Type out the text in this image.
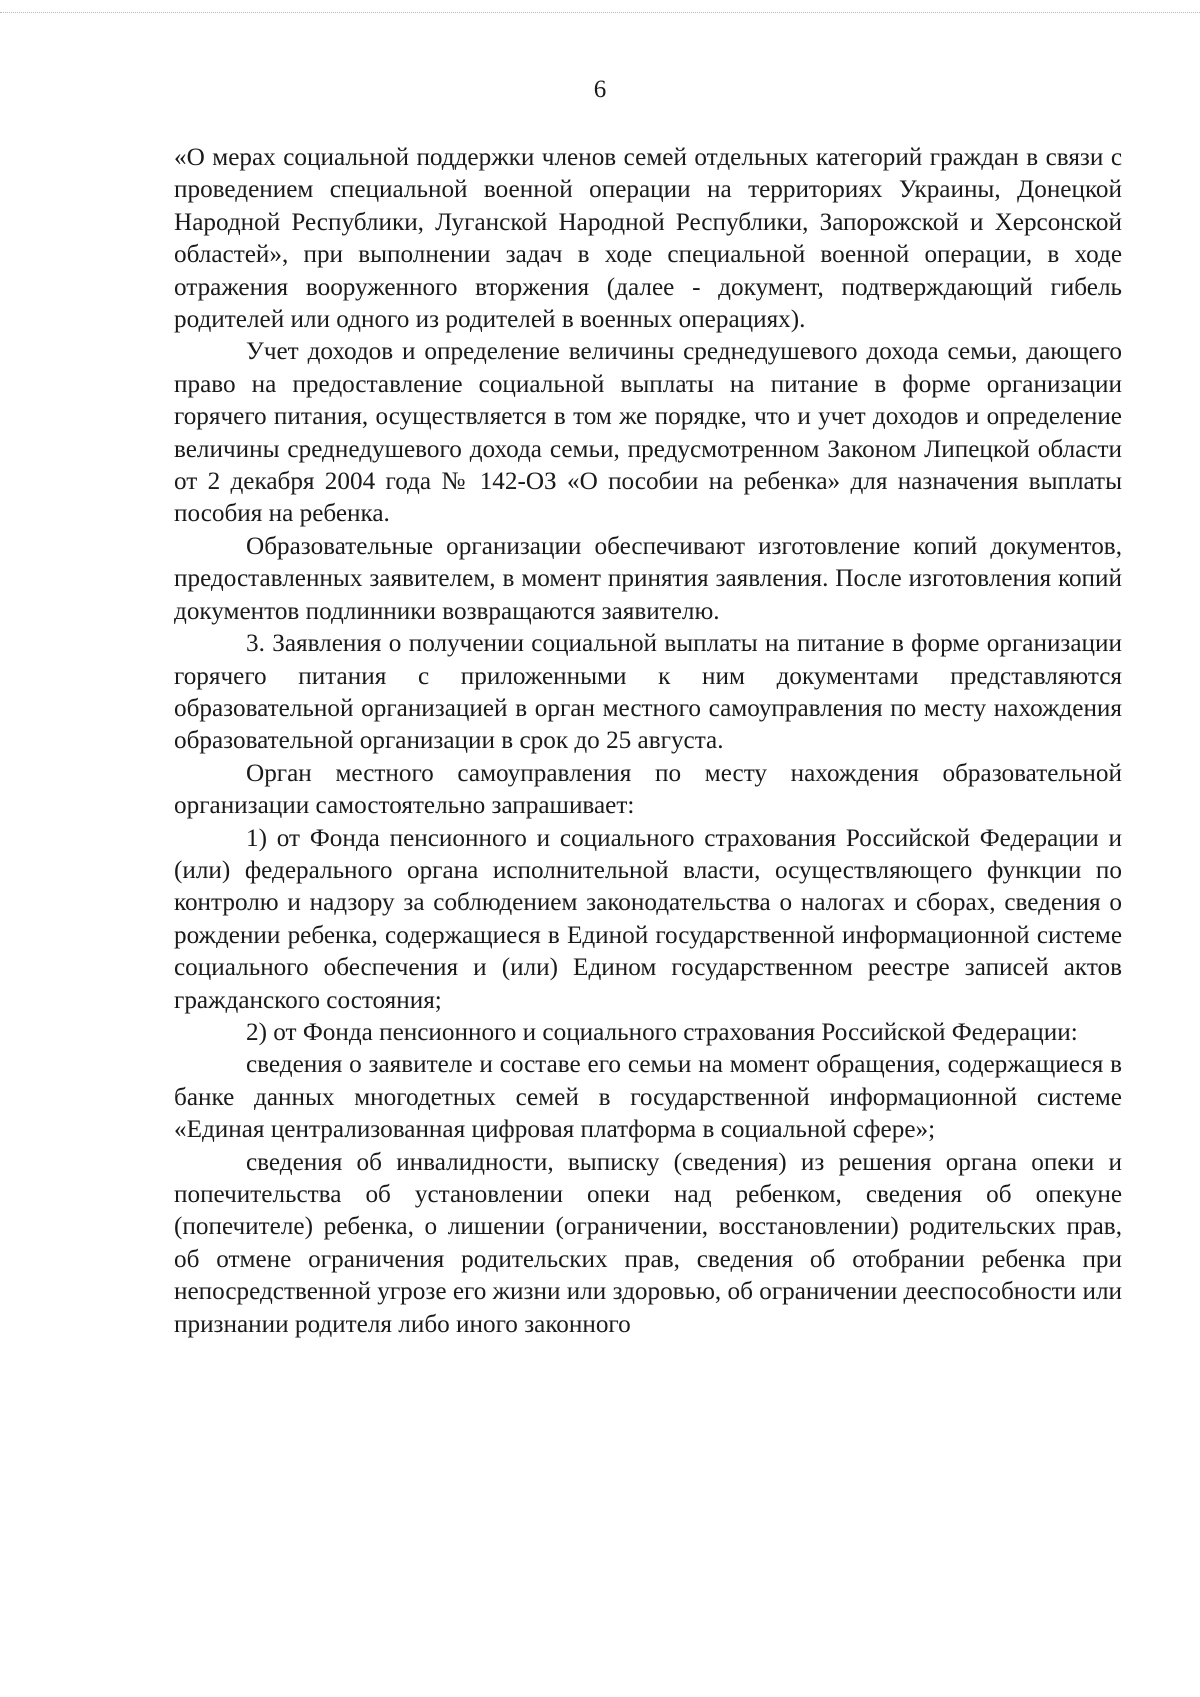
6

«О мерах социальной поддержки членов семей отдельных категорий граждан в связи с проведением специальной военной операции на территориях Украины, Донецкой Народной Республики, Луганской Народной Республики, Запорожской и Херсонской областей», при выполнении задач в ходе специальной военной операции, в ходе отражения вооруженного вторжения (далее - документ, подтверждающий гибель родителей или одного из родителей в военных операциях).

Учет доходов и определение величины среднедушевого дохода семьи, дающего право на предоставление социальной выплаты на питание в форме организации горячего питания, осуществляется в том же порядке, что и учет доходов и определение величины среднедушевого дохода семьи, предусмотренном Законом Липецкой области от 2 декабря 2004 года № 142-ОЗ «О пособии на ребенка» для назначения выплаты пособия на ребенка.

Образовательные организации обеспечивают изготовление копий документов, предоставленных заявителем, в момент принятия заявления. После изготовления копий документов подлинники возвращаются заявителю.

3. Заявления о получении социальной выплаты на питание в форме организации горячего питания с приложенными к ним документами представляются образовательной организацией в орган местного самоуправления по месту нахождения образовательной организации в срок до 25 августа.

Орган местного самоуправления по месту нахождения образовательной организации самостоятельно запрашивает:

1) от Фонда пенсионного и социального страхования Российской Федерации и (или) федерального органа исполнительной власти, осуществляющего функции по контролю и надзору за соблюдением законодательства о налогах и сборах, сведения о рождении ребенка, содержащиеся в Единой государственной информационной системе социального обеспечения и (или) Едином государственном реестре записей актов гражданского состояния;

2) от Фонда пенсионного и социального страхования Российской Федерации:

сведения о заявителе и составе его семьи на момент обращения, содержащиеся в банке данных многодетных семей в государственной информационной системе «Единая централизованная цифровая платформа в социальной сфере»;

сведения об инвалидности, выписку (сведения) из решения органа опеки и попечительства об установлении опеки над ребенком, сведения об опекуне (попечителе) ребенка, о лишении (ограничении, восстановлении) родительских прав, об отмене ограничения родительских прав, сведения об отобрании ребенка при непосредственной угрозе его жизни или здоровью, об ограничении дееспособности или признании родителя либо иного законного
